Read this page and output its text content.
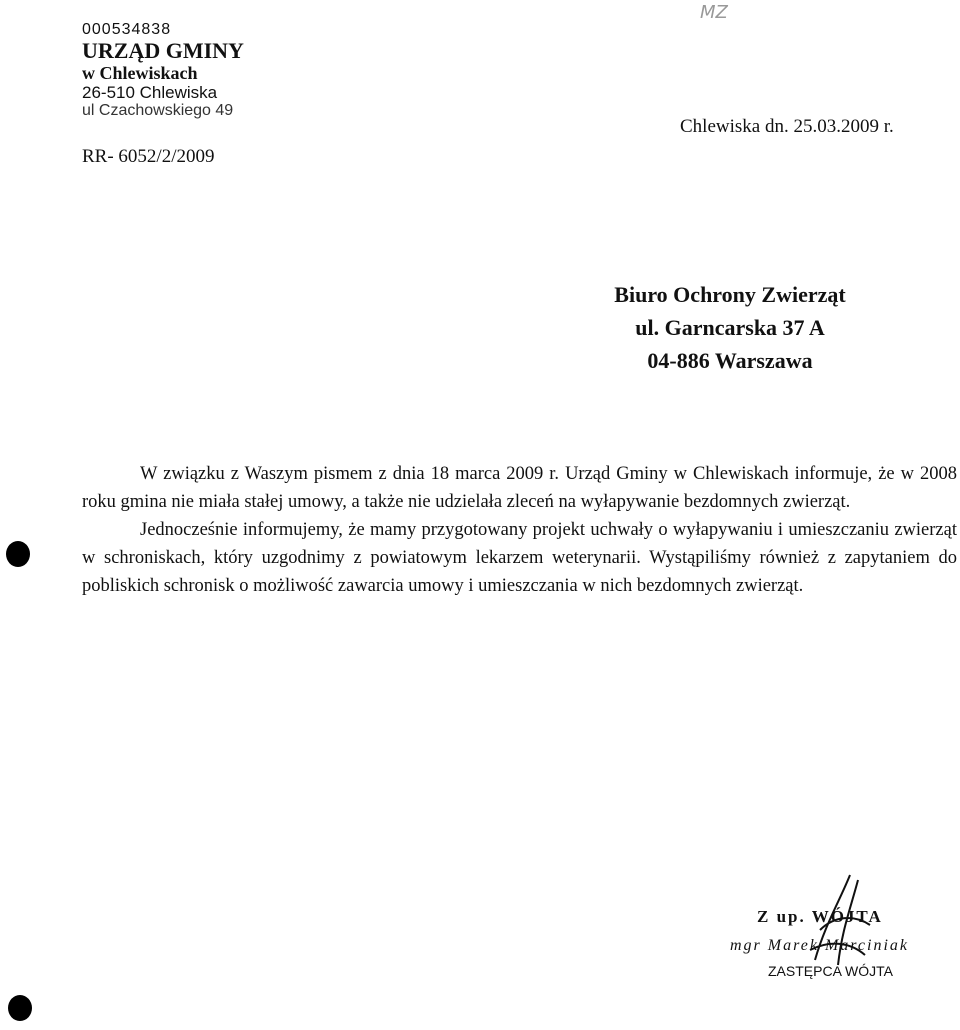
MZ
000534838
URZĄD GMINY
w Chlewiskach
26-510 Chlewiska
ul Czachowskiego 49
RR- 6052/2/2009
Chlewiska dn. 25.03.2009 r.
Biuro Ochrony Zwierząt
ul. Garncarska 37 A
04-886 Warszawa

W związku z Waszym pismem z dnia 18 marca 2009 r. Urząd Gminy w Chlewiskach informuje, że w 2008 roku gmina nie miała stałej umowy, a także nie udzielała zleceń na wyłapywanie bezdomnych zwierząt.

Jednocześnie informujemy, że mamy przygotowany projekt uchwały o wyłapywaniu i umieszczaniu zwierząt w schroniskach, który uzgodnimy z powiatowym lekarzem weterynarii. Wystąpiliśmy również z zapytaniem do pobliskich schronisk o możliwość zawarcia umowy i umieszczania w nich bezdomnych zwierząt.

Z up. WÓJTA
mgr Marek Marciniak
ZASTĘPCA WÓJTA
